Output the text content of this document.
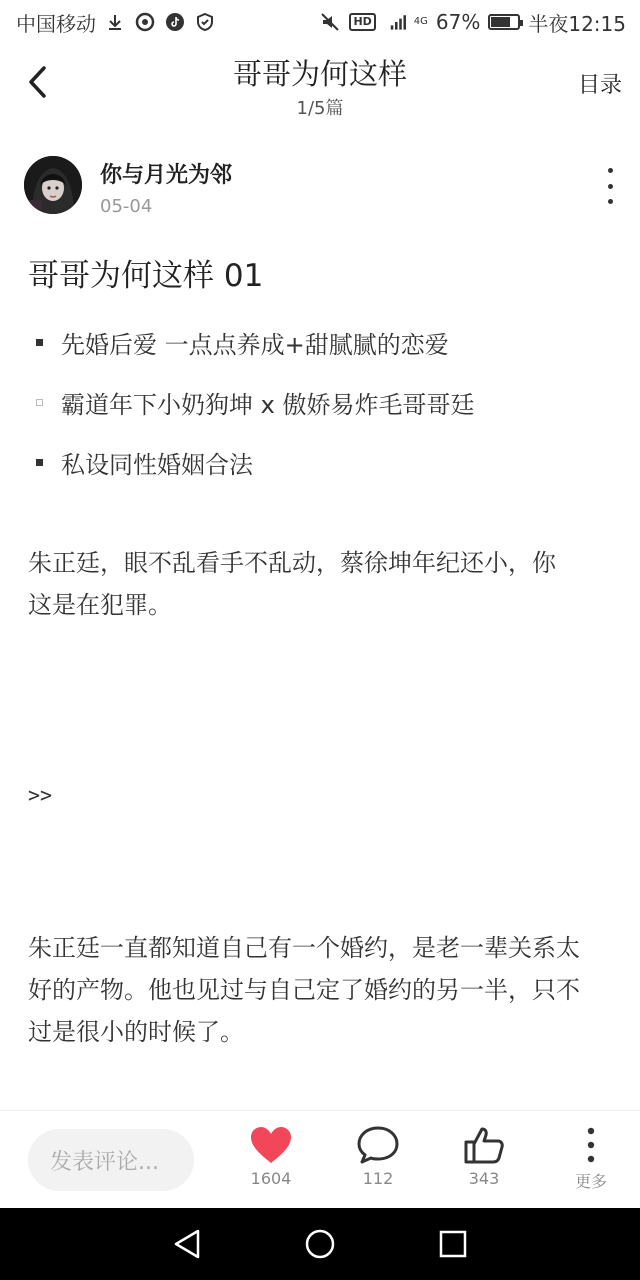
中国移动	HD	4G 67% 半夜12:15
哥哥为何这样
1/5篇
目录
你与月光为邻
05-04
哥哥为何这样 01
先婚后爱 一点点养成+甜腻腻的恋爱
霸道年下小奶狗坤 x 傲娇易炸毛哥哥廷
私设同性婚姻合法
朱正廷，眼不乱看手不乱动，蔡徐坤年纪还小，你这是在犯罪。
>>
朱正廷一直都知道自己有一个婚约，是老一辈关系太好的产物。他也见过与自己定了婚约的另一半，只不过是很小的时候了。
发表评论...
1604	112	343	更多
